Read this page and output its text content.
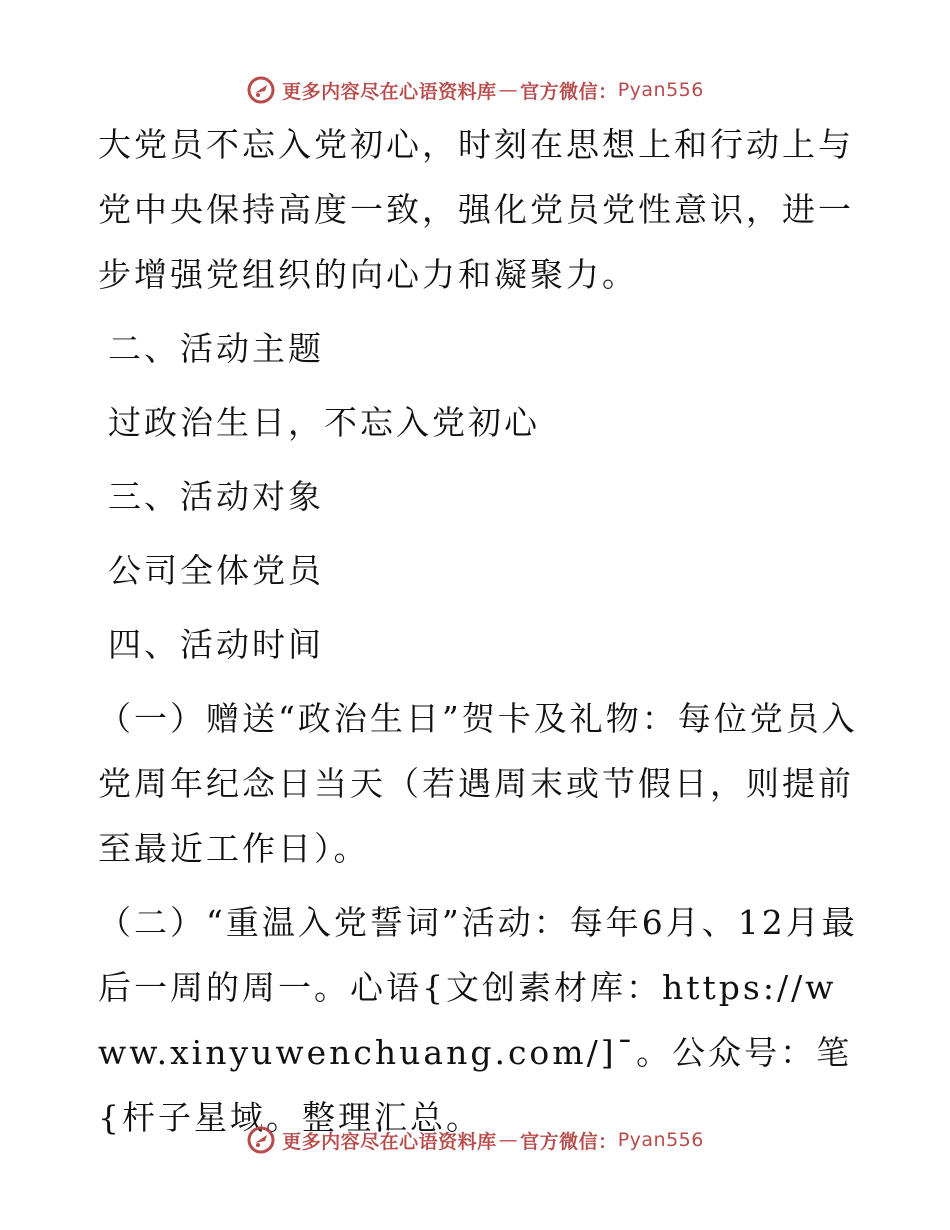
更多内容尽在心语资料库 — 官方微信： Pyan556

大党员不忘入党初心，时刻在思想上和行动上与党中央保持高度一致，强化党员党性意识，进一步增强党组织的向心力和凝聚力。

二、活动主题

过政治生日，不忘入党初心

三、活动对象

公司全体党员

四、活动时间

（一）赠送“政治生日”贺卡及礼物：每位党员入党周年纪念日当天（若遇周末或节假日，则提前至最近工作日）。

（二）“重温入党誓词”活动：每年6月、12月最后一周的周一。心语{文创素材库：https://www.xinyuwenchuang.com/]¯。公众号：笔{杆子星域。整理汇总。

更多内容尽在心语资料库 — 官方微信： Pyan556
